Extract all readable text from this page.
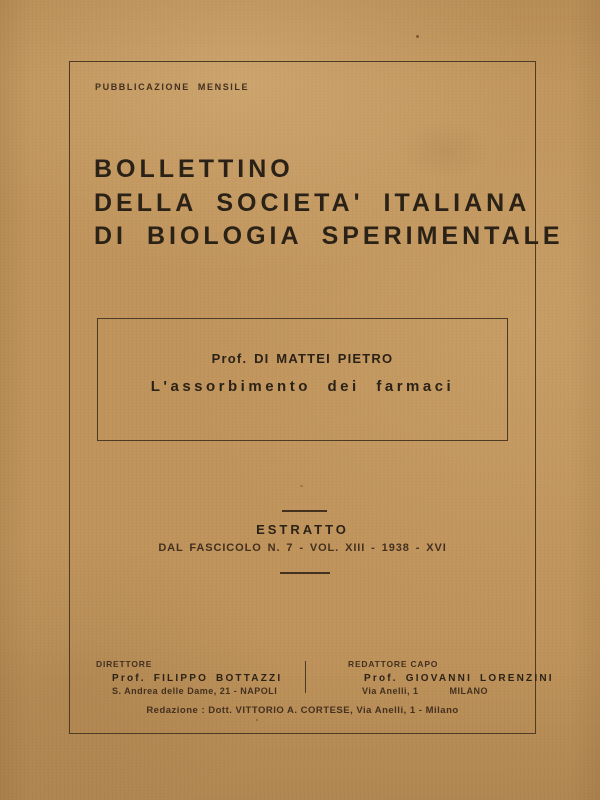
PUBBLICAZIONE MENSILE
BOLLETTINO
DELLA SOCIETA' ITALIANA
DI BIOLOGIA SPERIMENTALE
Prof. DI MATTEI PIETRO
L'assorbimento dei farmaci
ESTRATTO
DAL FASCICOLO N. 7 - VOL. XIII - 1938 - XVI
DIRETTORE
Prof. FILIPPO BOTTAZZI
S. Andrea delle Dame, 21 - NAPOLI
REDATTORE CAPO
Prof. GIOVANNI LORENZINI
Via Anelli, 1	MILANO
Redazione : Dott. VITTORIO A. CORTESE, Via Anelli, 1 - Milano
